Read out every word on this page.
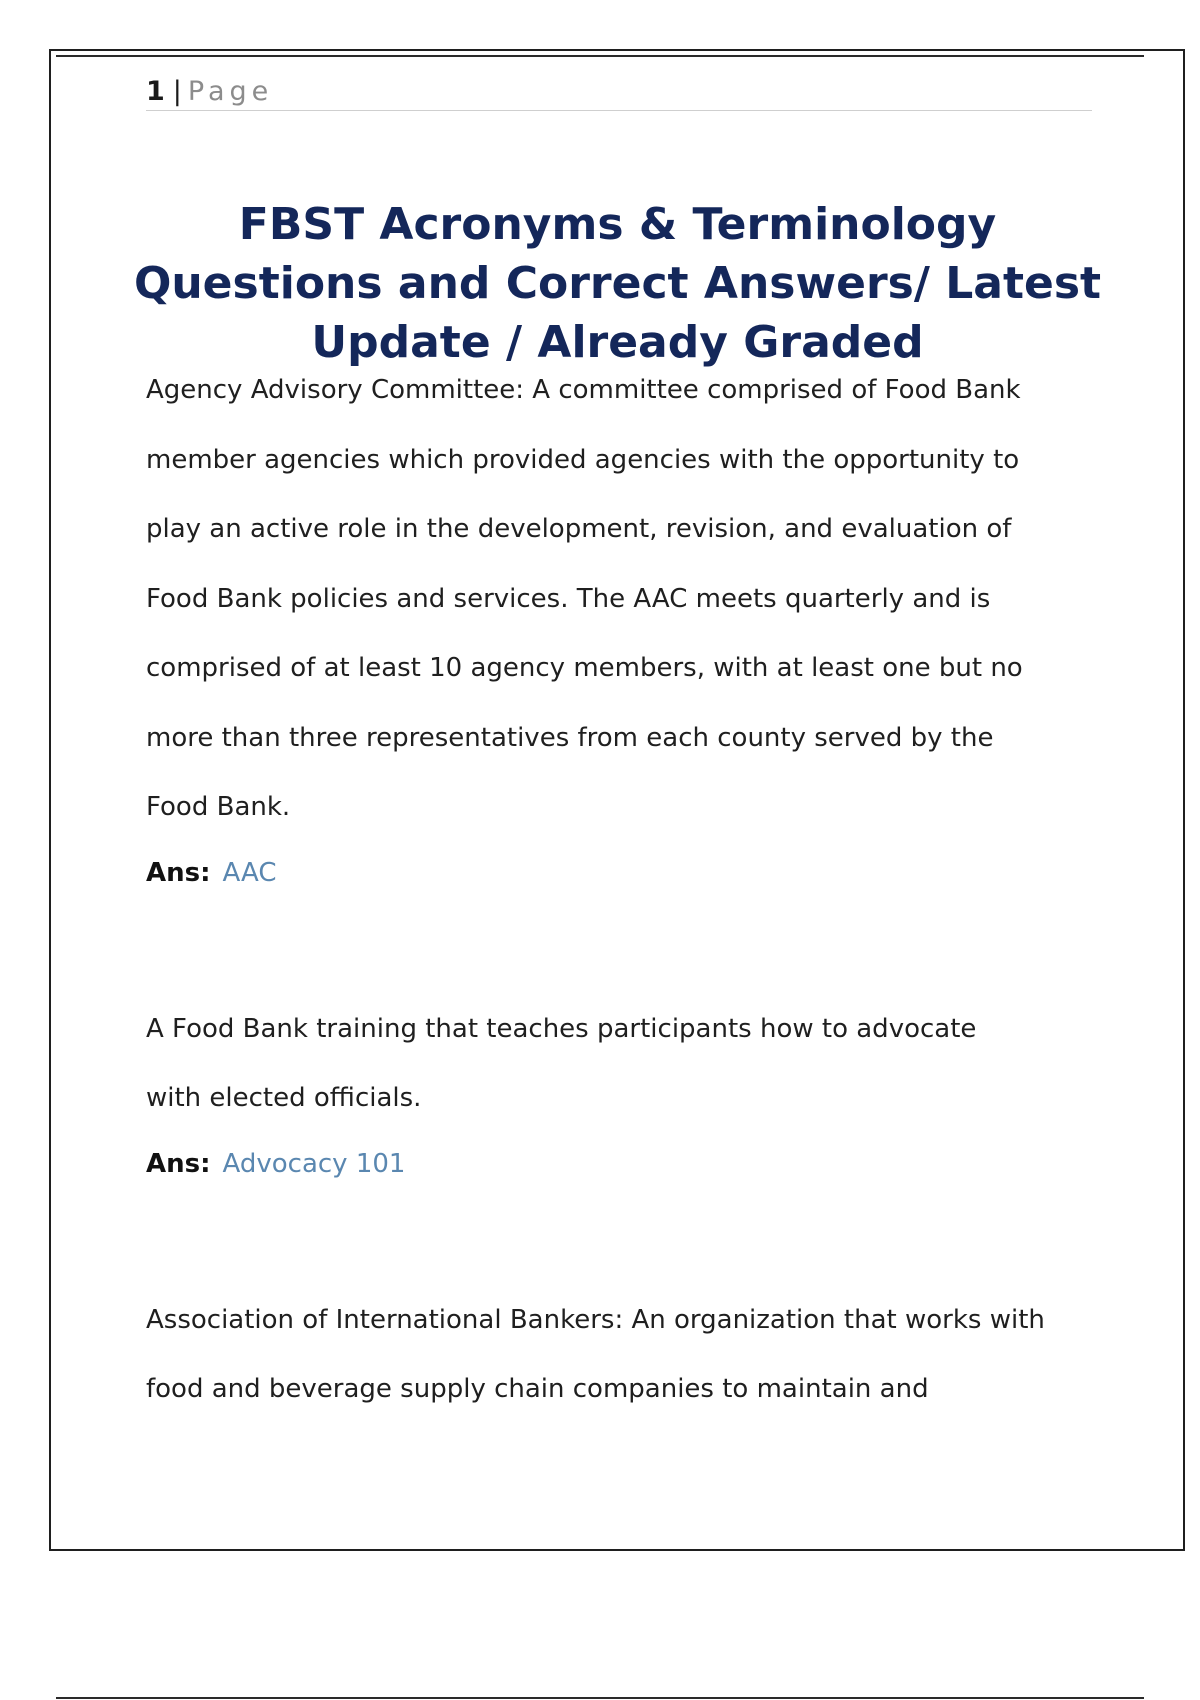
1 | Page
FBST Acronyms & Terminology Questions and Correct Answers/ Latest Update / Already Graded

Agency Advisory Committee: A committee comprised of Food Bank
member agencies which provided agencies with the opportunity to
play an active role in the development, revision, and evaluation of
Food Bank policies and services. The AAC meets quarterly and is
comprised of at least 10 agency members, with at least one but no
more than three representatives from each county served by the
Food Bank.

Ans: AAC

A Food Bank training that teaches participants how to advocate
with elected officials.

Ans: Advocacy 101

Association of International Bankers: An organization that works with
food and beverage supply chain companies to maintain and
